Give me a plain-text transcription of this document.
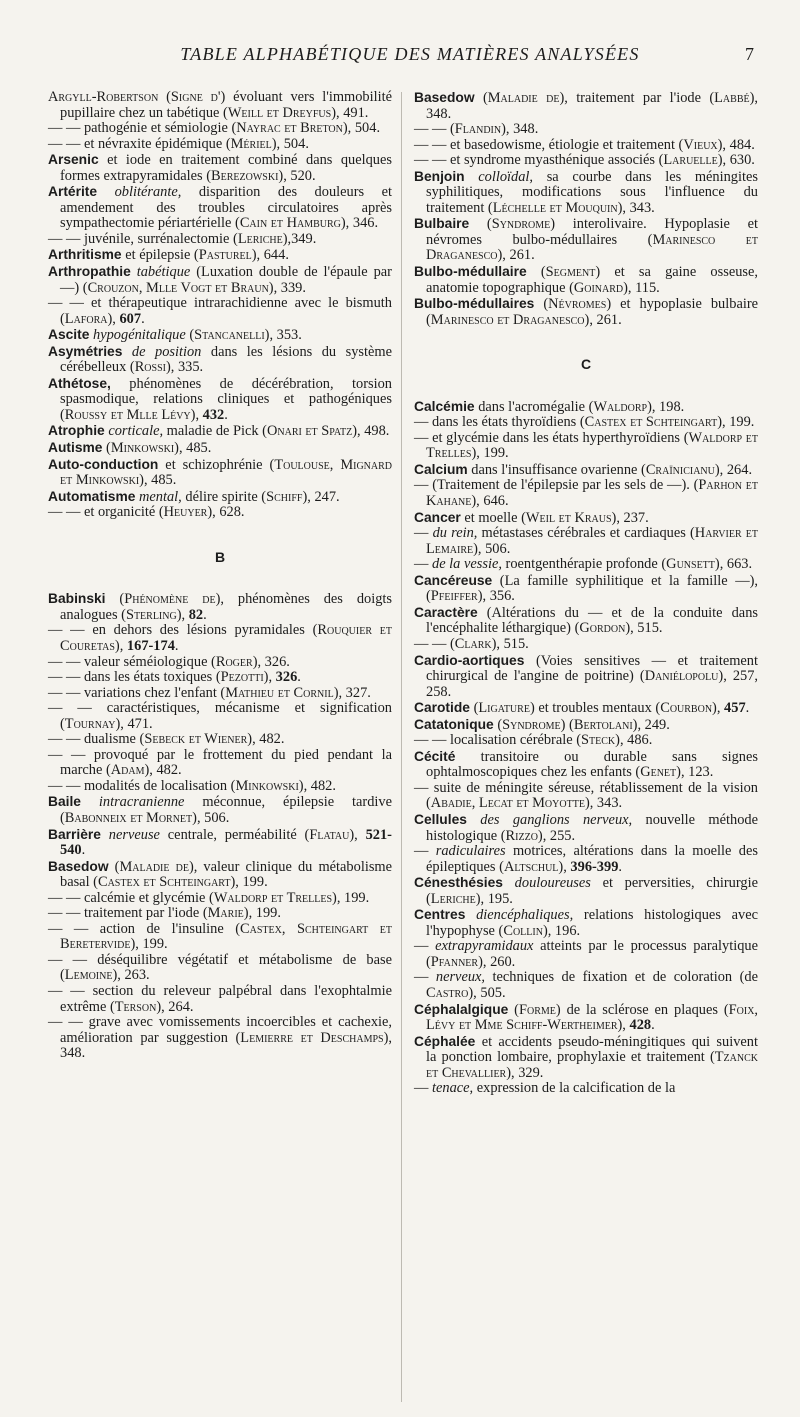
TABLE ALPHABÉTIQUE DES MATIÈRES ANALYSÉES	7
Argyll-Robertson (Signe d') évoluant vers l'immobilité pupillaire chez un tabétique (Weill et Dreyfus), 491.
— — pathogénie et sémiologie (Nayrac et Breton), 504.
— — et névraxite épidémique (Mériel), 504.
Arsenic et iode en traitement combiné dans quelques formes extrapyramidales (Berezowski), 520.
Artérite oblitérante, disparition des douleurs et amendement des troubles circulatoires après sympathectomie périartérielle (Cain et Hamburg), 346.
— — juvénile, surrénalectomie (Leriche),349.
Arthritisme et épilepsie (Pasturel), 644.
Arthropathie tabétique (Luxation double de l'épaule par —) (Crouzon, Mlle Vogt et Braun), 339.
— — et thérapeutique intrarachidienne avec le bismuth (Lafora), 607.
Ascite hypogénitalique (Stancanelli), 353.
Asymétries de position dans les lésions du système cérébelleux (Rossi), 335.
Athétose, phénomènes de décérébration, torsion spasmodique, relations cliniques et pathogéniques (Roussy et Mlle Lévy), 432.
Atrophie corticale, maladie de Pick (Onari et Spatz), 498.
Autisme (Minkowski), 485.
Auto-conduction et schizophrénie (Toulouse, Mignard et Minkowski), 485.
Automatisme mental, délire spirite (Schiff), 247.
— — et organicité (Heuyer), 628.
B
Babinski (Phénomène de), phénomènes des doigts analogues (Sterling), 82.
— — en dehors des lésions pyramidales (Rouquier et Couretas), 167-174.
— — valeur séméiologique (Roger), 326.
— — dans les états toxiques (Pezotti), 326.
— — variations chez l'enfant (Mathieu et Cornil), 327.
— — caractéristiques, mécanisme et signification (Tournay), 471.
— — dualisme (Sebeck et Wiener), 482.
— — provoqué par le frottement du pied pendant la marche (Adam), 482.
— — modalités de localisation (Minkowski), 482.
Baile intracranienne méconnue, épilepsie tardive (Babonneix et Mornet), 506.
Barrière nerveuse centrale, perméabilité (Flatau), 521-540.
Basedow (Maladie de), valeur clinique du métabolisme basal (Castex et Schteingart), 199.
— — calcémie et glycémie (Waldorp et Trelles), 199.
— — traitement par l'iode (Marie), 199.
— — action de l'insuline (Castex, Schteingart et Beretervide), 199.
— — déséquilibre végétatif et métabolisme de base (Lemoine), 263.
— — section du releveur palpébral dans l'exophtalmie extrême (Terson), 264.
— — grave avec vomissements incoercibles et cachexie, amélioration par suggestion (Lemierre et Deschamps), 348.
Basedow (Maladie de), traitement par l'iode (Labbé), 348.
— — (Flandin), 348.
— — et basedowisme, étiologie et traitement (Vieux), 484.
— — et syndrome myasthénique associés (Laruelle), 630.
Benjoin colloïdal, sa courbe dans les méningites syphilitiques, modifications sous l'influence du traitement (Léchelle et Mouquin), 343.
Bulbaire (Syndrome) interolivaire. Hypoplasie et névromes bulbo-médullaires (Marinesco et Draganesco), 261.
Bulbo-médullaire (Segment) et sa gaine osseuse, anatomie topographique (Goinard), 115.
Bulbo-médullaires (Névromes) et hypoplasie bulbaire (Marinesco et Draganesco), 261.
C
Calcémie dans l'acromégalie (Waldorp), 198.
— dans les états thyroïdiens (Castex et Schteingart), 199.
— et glycémie dans les états hyperthyroïdiens (Waldorp et Trelles), 199.
Calcium dans l'insuffisance ovarienne (Craïnicianu), 264.
— (Traitement de l'épilepsie par les sels de —). (Parhon et Kahane), 646.
Cancer et moelle (Weil et Kraus), 237.
— du rein, métastases cérébrales et cardiaques (Harvier et Lemaire), 506.
— de la vessie, roentgenthérapie profonde (Gunsett), 663.
Cancéreuse (La famille syphilitique et la famille —), (Pfeiffer), 356.
Caractère (Altérations du — et de la conduite dans l'encéphalite léthargique) (Gordon), 515.
— — (Clark), 515.
Cardio-aortiques (Voies sensitives — et traitement chirurgical de l'angine de poitrine) (Daniélopolu), 257, 258.
Carotide (Ligature) et troubles mentaux (Courbon), 457.
Catatonique (Syndrome) (Bertolani), 249.
— — localisation cérébrale (Steck), 486.
Cécité transitoire ou durable sans signes ophtalmoscopiques chez les enfants (Genet), 123.
— suite de méningite séreuse, rétablissement de la vision (Abadie, Lecat et Moyotte), 343.
Cellules des ganglions nerveux, nouvelle méthode histologique (Rizzo), 255.
— radiculaires motrices, altérations dans la moelle des épileptiques (Altschul), 396-399.
Cénesthésies douloureuses et perversities, chirurgie (Leriche), 195.
Centres diencéphaliques, relations histologiques avec l'hypophyse (Collin), 196.
— extrapyramidaux atteints par le processus paralytique (Pfanner), 260.
— nerveux, techniques de fixation et de coloration (de Castro), 505.
Céphalalgique (Forme) de la sclérose en plaques (Foix, Lévy et Mme Schiff-Wertheimer), 428.
Céphalée et accidents pseudo-méningitiques qui suivent la ponction lombaire, prophylaxie et traitement (Tzanck et Chevallier), 329.
— tenace, expression de la calcification de la
